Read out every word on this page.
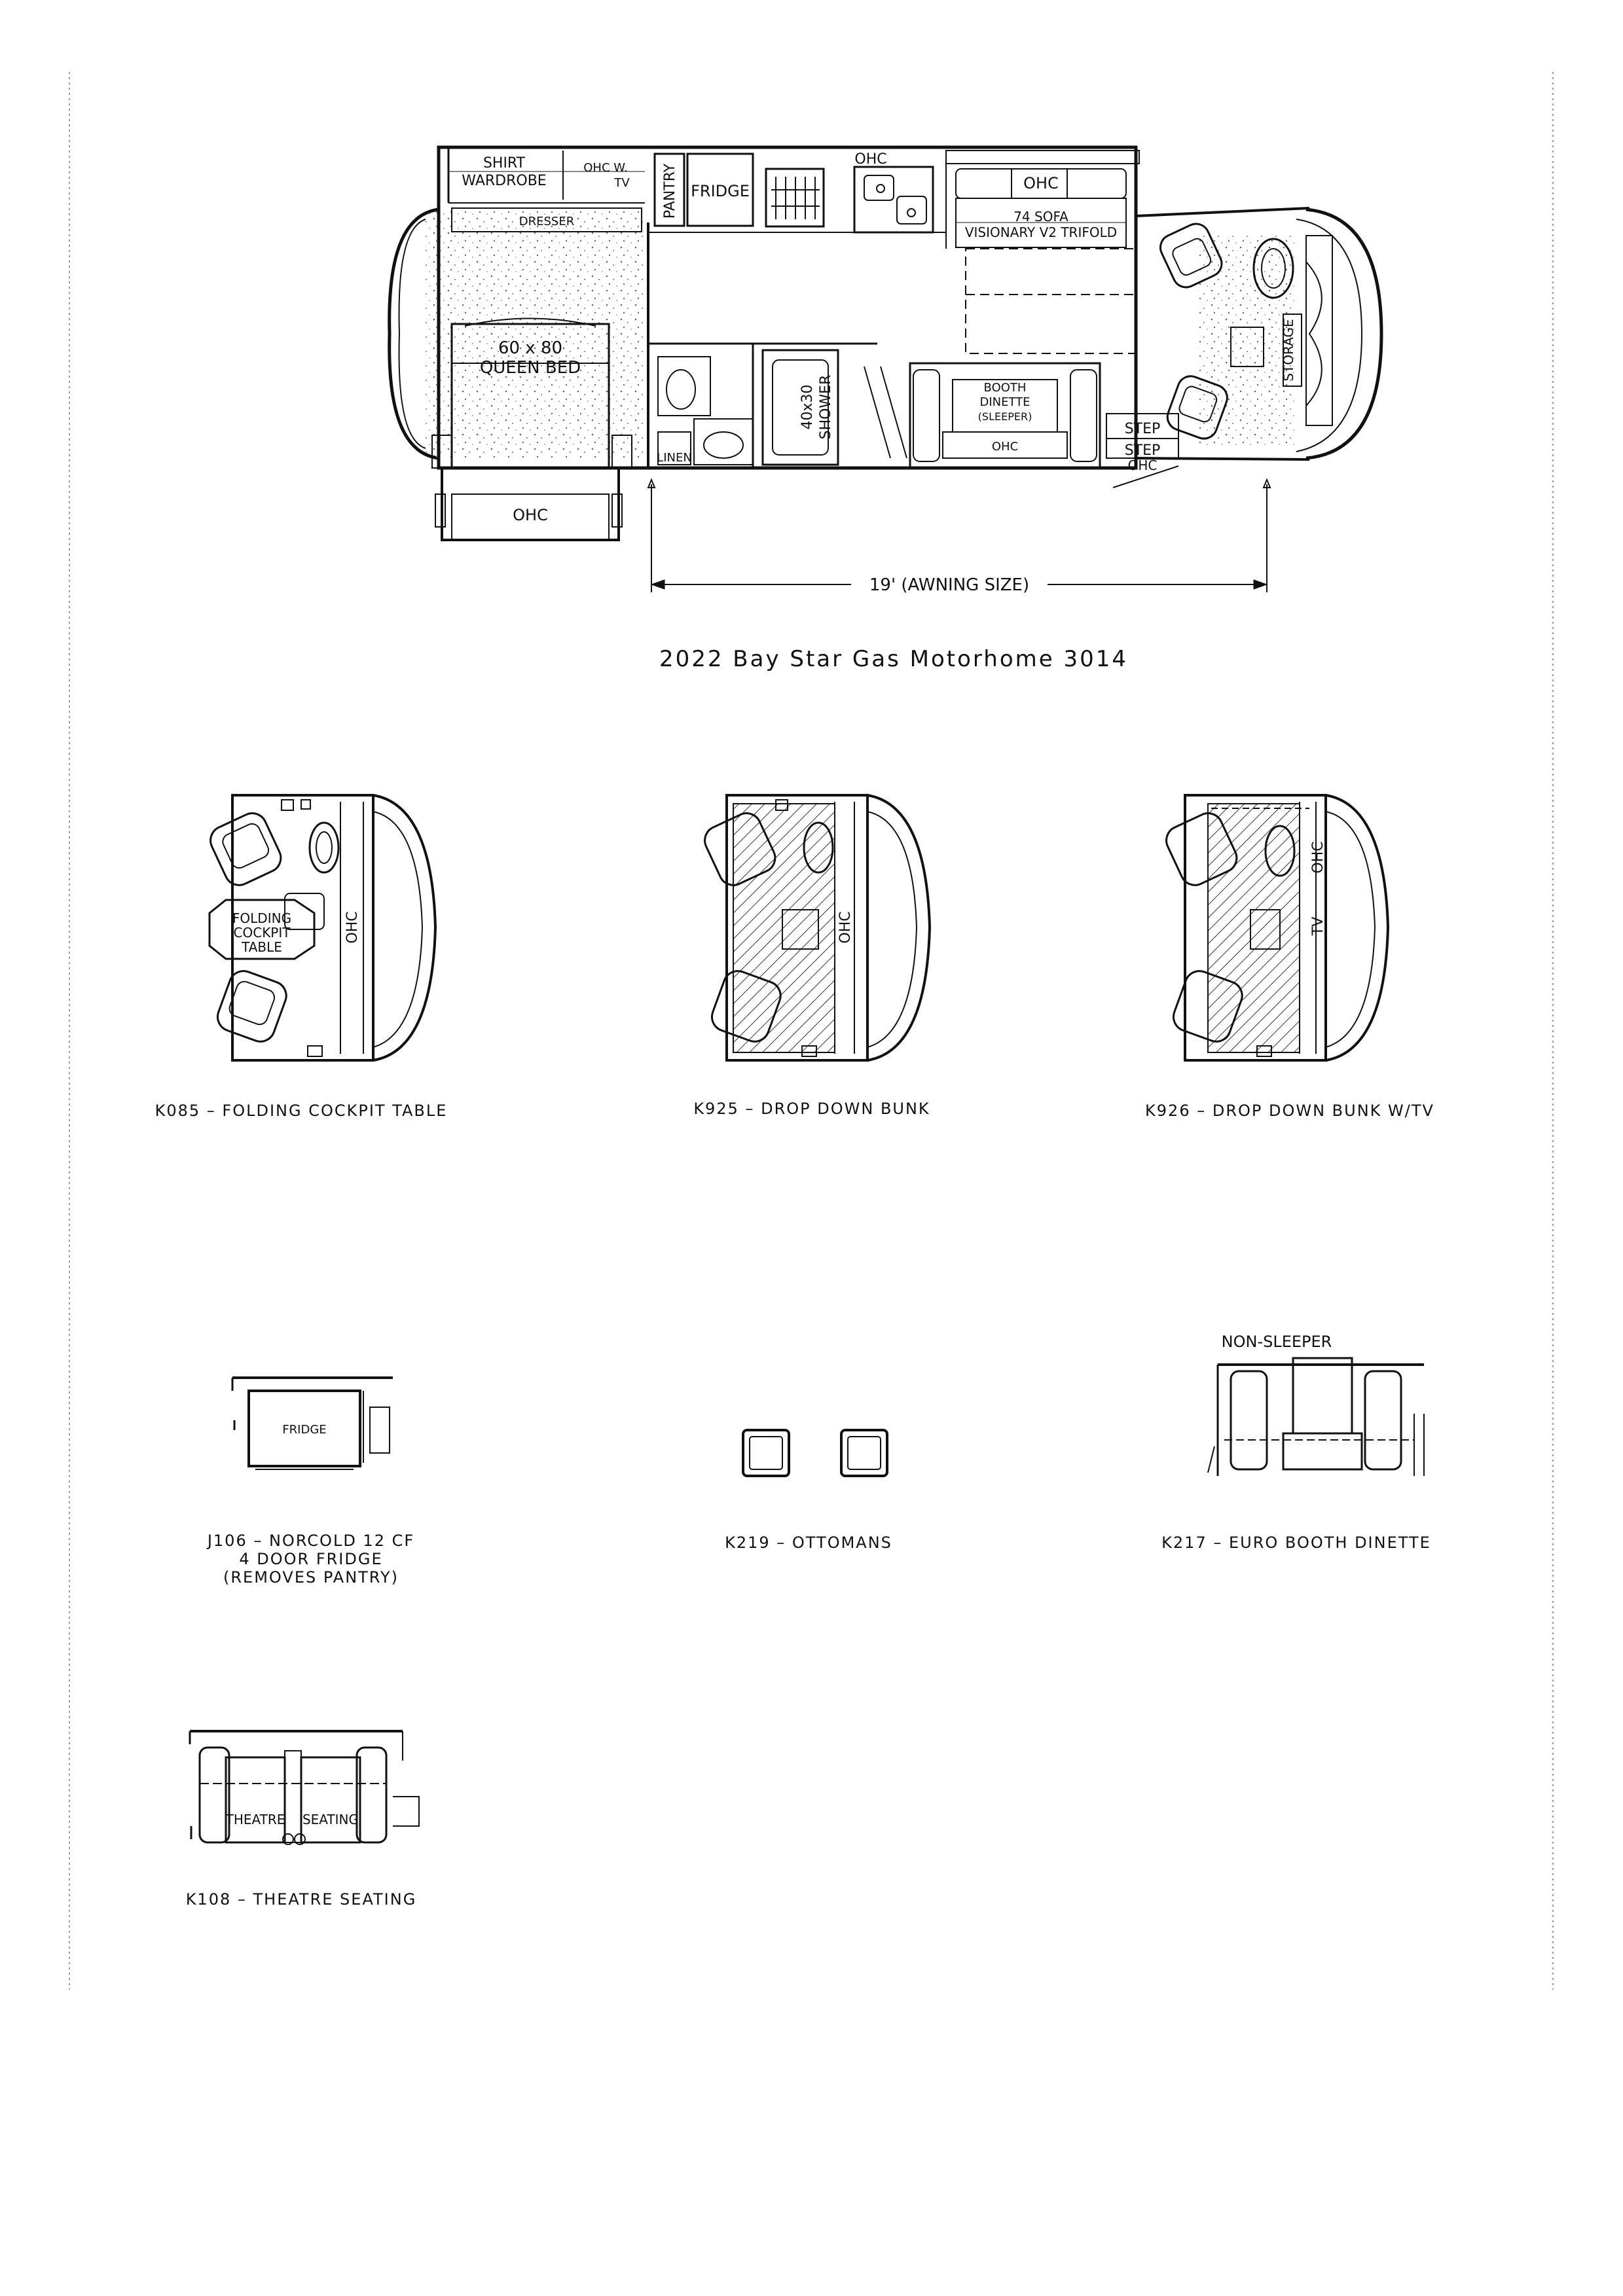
SHIRT
WARDROBE
OHC W.
TV PANTRY FRIDGE
OHC
OHC
74 SOFA
VISIONARY V2 TRIFOLD
DRESSER
60 x 80
QUEEN BED
40x30 SHOWER	BOOTH
DINETTE
(SLEEPER)
OHC
STEP
STEP
OHC
STORAGE
LINEN
OHC
19' (AWNING SIZE)
2022 Bay Star Gas Motorhome 3014
FOLDING
COCKPIT
TABLE
OHC
K085 – FOLDING COCKPIT TABLE
OHC
K925 – DROP DOWN BUNK
OHC
TV
K926 – DROP DOWN BUNK W/TV
FRIDGE
J106 – NORCOLD 12 CF
4 DOOR FRIDGE
(REMOVES PANTRY)
K219 – OTTOMANS
NON-SLEEPER
K217 – EURO BOOTH DINETTE
THEATRE SEATING
K108 – THEATRE SEATING
